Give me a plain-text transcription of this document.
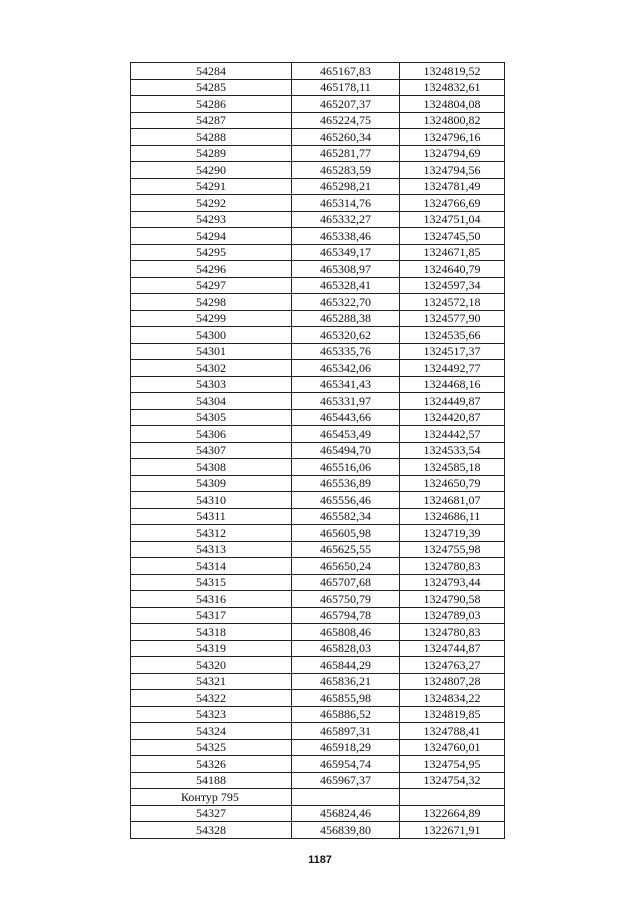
54284	465167,83	1324819,52
54285	465178,11	1324832,61
54286	465207,37	1324804,08
54287	465224,75	1324800,82
54288	465260,34	1324796,16
54289	465281,77	1324794,69
54290	465283,59	1324794,56
54291	465298,21	1324781,49
54292	465314,76	1324766,69
54293	465332,27	1324751,04
54294	465338,46	1324745,50
54295	465349,17	1324671,85
54296	465308,97	1324640,79
54297	465328,41	1324597,34
54298	465322,70	1324572,18
54299	465288,38	1324577,90
54300	465320,62	1324535,66
54301	465335,76	1324517,37
54302	465342,06	1324492,77
54303	465341,43	1324468,16
54304	465331,97	1324449,87
54305	465443,66	1324420,87
54306	465453,49	1324442,57
54307	465494,70	1324533,54
54308	465516,06	1324585,18
54309	465536,89	1324650,79
54310	465556,46	1324681,07
54311	465582,34	1324686,11
54312	465605,98	1324719,39
54313	465625,55	1324755,98
54314	465650,24	1324780,83
54315	465707,68	1324793,44
54316	465750,79	1324790,58
54317	465794,78	1324789,03
54318	465808,46	1324780,83
54319	465828,03	1324744,87
54320	465844,29	1324763,27
54321	465836,21	1324807,28
54322	465855,98	1324834,22
54323	465886,52	1324819,85
54324	465897,31	1324788,41
54325	465918,29	1324760,01
54326	465954,74	1324754,95
54188	465967,37	1324754,32
Контур 795		
54327	456824,46	1322664,89
54328	456839,80	1322671,91
1187
